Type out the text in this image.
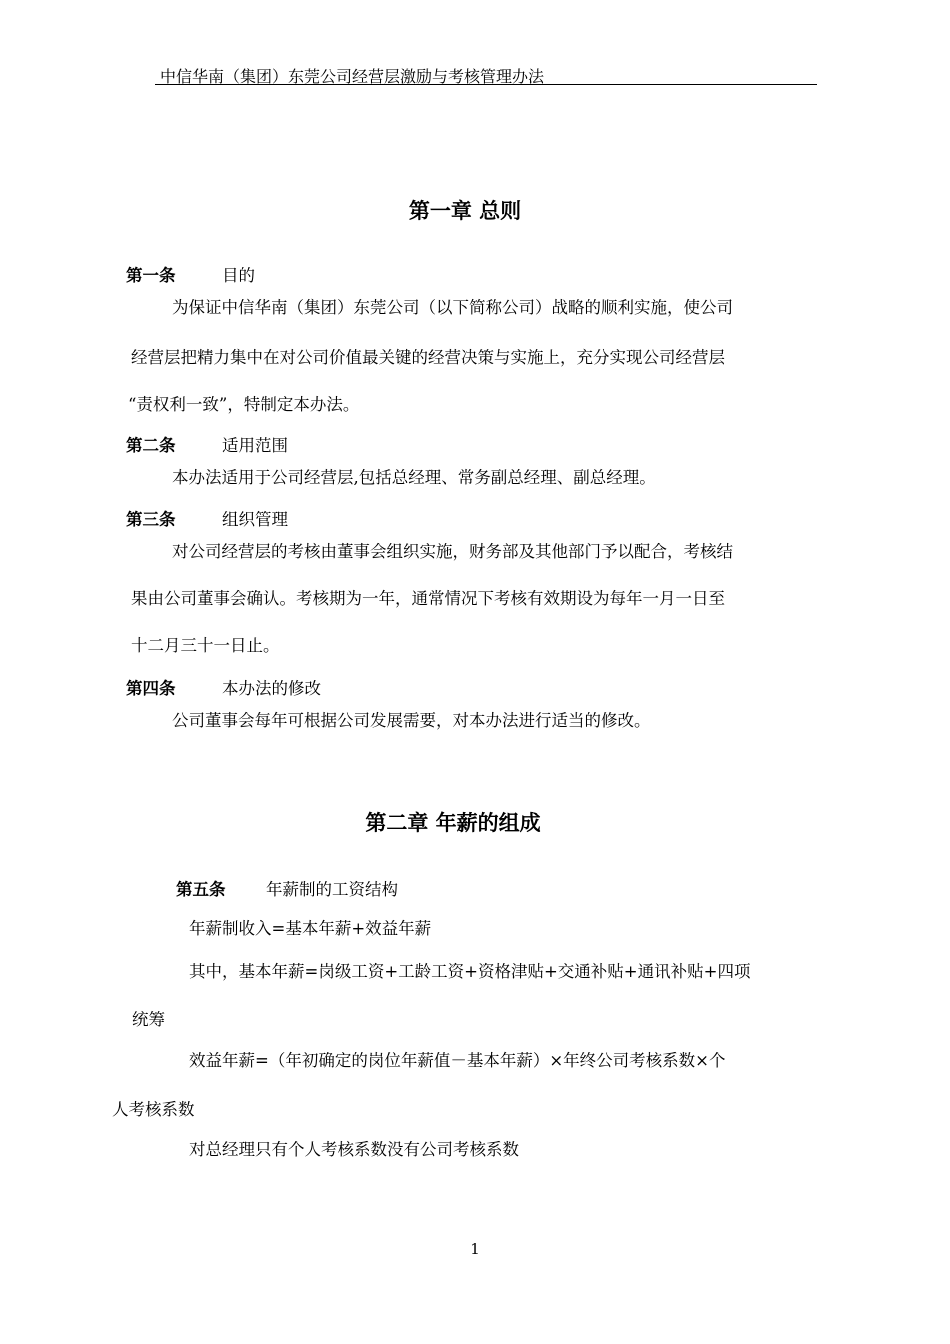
中信华南（集团）东莞公司经营层激励与考核管理办法
第一章 总则
第一条	目的
为保证中信华南（集团）东莞公司（以下简称公司）战略的顺利实施，使公司
经营层把精力集中在对公司价值最关键的经营决策与实施上，充分实现公司经营层
“责权利一致”，特制定本办法。
第二条	适用范围
本办法适用于公司经营层,包括总经理、常务副总经理、副总经理。
第三条	组织管理
对公司经营层的考核由董事会组织实施，财务部及其他部门予以配合，考核结
果由公司董事会确认。考核期为一年，通常情况下考核有效期设为每年一月一日至
十二月三十一日止。
第四条	本办法的修改
公司董事会每年可根据公司发展需要，对本办法进行适当的修改。
第二章 年薪的组成
第五条 年薪制的工资结构
年薪制收入=基本年薪+效益年薪
其中，基本年薪=岗级工资+工龄工资+资格津贴+交通补贴+通讯补贴+四项
统筹
效益年薪=（年初确定的岗位年薪值－基本年薪）×年终公司考核系数×个
人考核系数
对总经理只有个人考核系数没有公司考核系数
1
